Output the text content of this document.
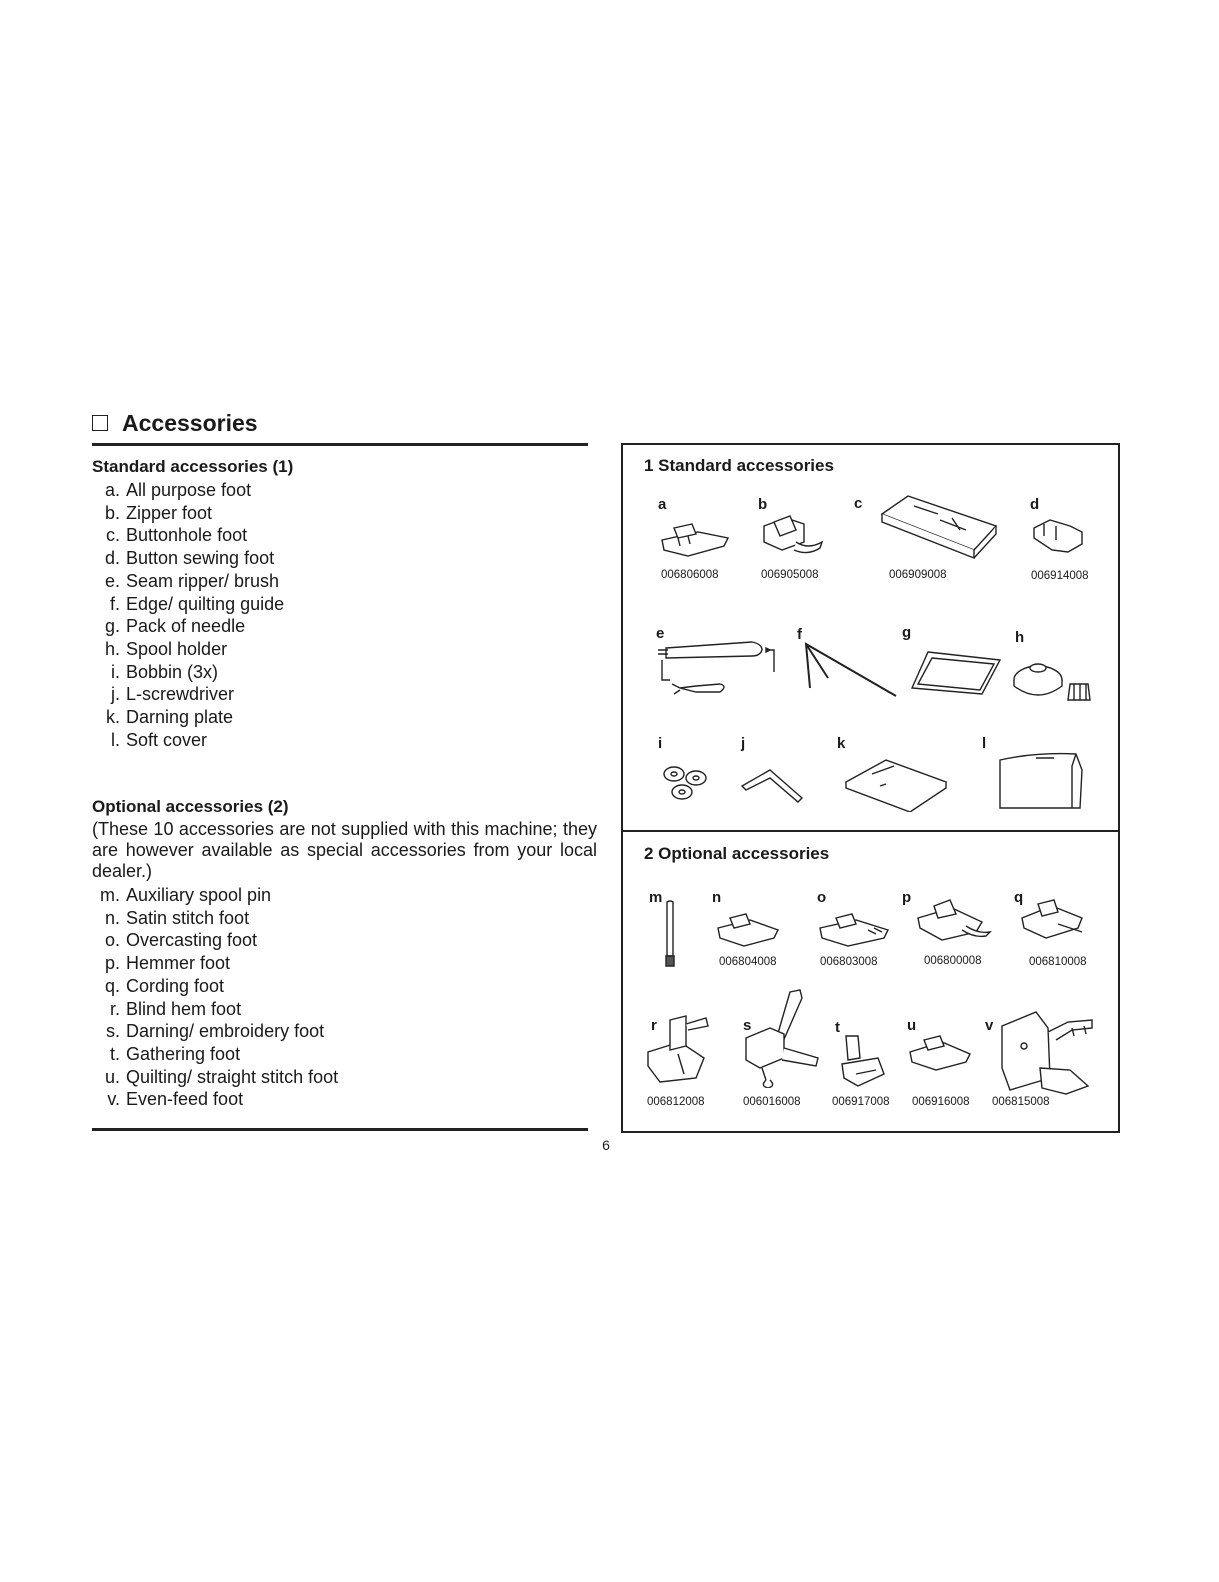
Accessories
Standard accessories (1)
a. All purpose foot
b. Zipper foot
c. Buttonhole foot
d. Button sewing foot
e. Seam ripper/ brush
f. Edge/ quilting guide
g. Pack of needle
h. Spool holder
i. Bobbin (3x)
j. L-screwdriver
k. Darning plate
l. Soft cover
Optional accessories (2)
(These 10 accessories are not supplied with this machine; they are however available as special accessories from your local dealer.)
m. Auxiliary spool pin
n. Satin stitch foot
o. Overcasting foot
p. Hemmer foot
q. Cording foot
r. Blind hem foot
s. Darning/ embroidery foot
t. Gathering foot
u. Quilting/ straight stitch foot
v. Even-feed foot
1 Standard accessories
2 Optional accessories
a	b	c	d
e	f	g	h
i	j	k	l
m	n	o	p	q
r	s	t	u	v
006806008	006905008	006909008	006914008
006804008	006803008	006800008	006810008
006812008	006016008	006917008 006916008 006815008
6
